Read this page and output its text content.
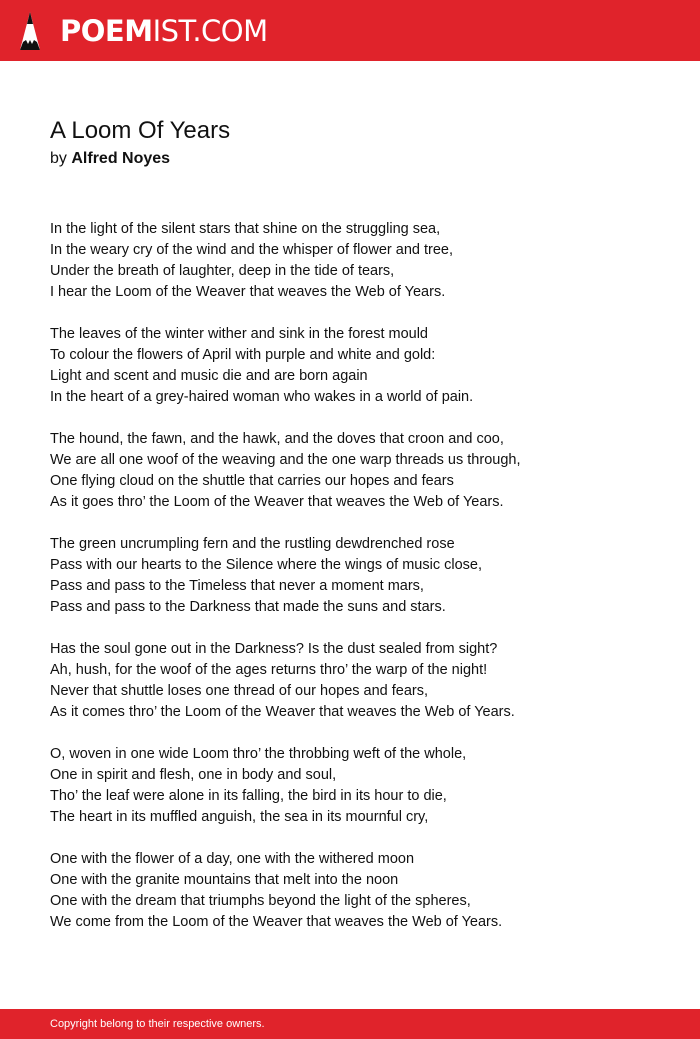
POEMIST.COM
A Loom Of Years
by Alfred Noyes
In the light of the silent stars that shine on the struggling sea,
In the weary cry of the wind and the whisper of flower and tree,
Under the breath of laughter, deep in the tide of tears,
I hear the Loom of the Weaver that weaves the Web of Years.
The leaves of the winter wither and sink in the forest mould
To colour the flowers of April with purple and white and gold:
Light and scent and music die and are born again
In the heart of a grey-haired woman who wakes in a world of pain.
The hound, the fawn, and the hawk, and the doves that croon and coo,
We are all one woof of the weaving and the one warp threads us through,
One flying cloud on the shuttle that carries our hopes and fears
As it goes thro’ the Loom of the Weaver that weaves the Web of Years.
The green uncrumpling fern and the rustling dewdrenched rose
Pass with our hearts to the Silence where the wings of music close,
Pass and pass to the Timeless that never a moment mars,
Pass and pass to the Darkness that made the suns and stars.
Has the soul gone out in the Darkness? Is the dust sealed from sight?
Ah, hush, for the woof of the ages returns thro’ the warp of the night!
Never that shuttle loses one thread of our hopes and fears,
As it comes thro’ the Loom of the Weaver that weaves the Web of Years.
O, woven in one wide Loom thro’ the throbbing weft of the whole,
One in spirit and flesh, one in body and soul,
Tho’ the leaf were alone in its falling, the bird in its hour to die,
The heart in its muffled anguish, the sea in its mournful cry,
One with the flower of a day, one with the withered moon
One with the granite mountains that melt into the noon
One with the dream that triumphs beyond the light of the spheres,
We come from the Loom of the Weaver that weaves the Web of Years.
Copyright belong to their respective owners.
